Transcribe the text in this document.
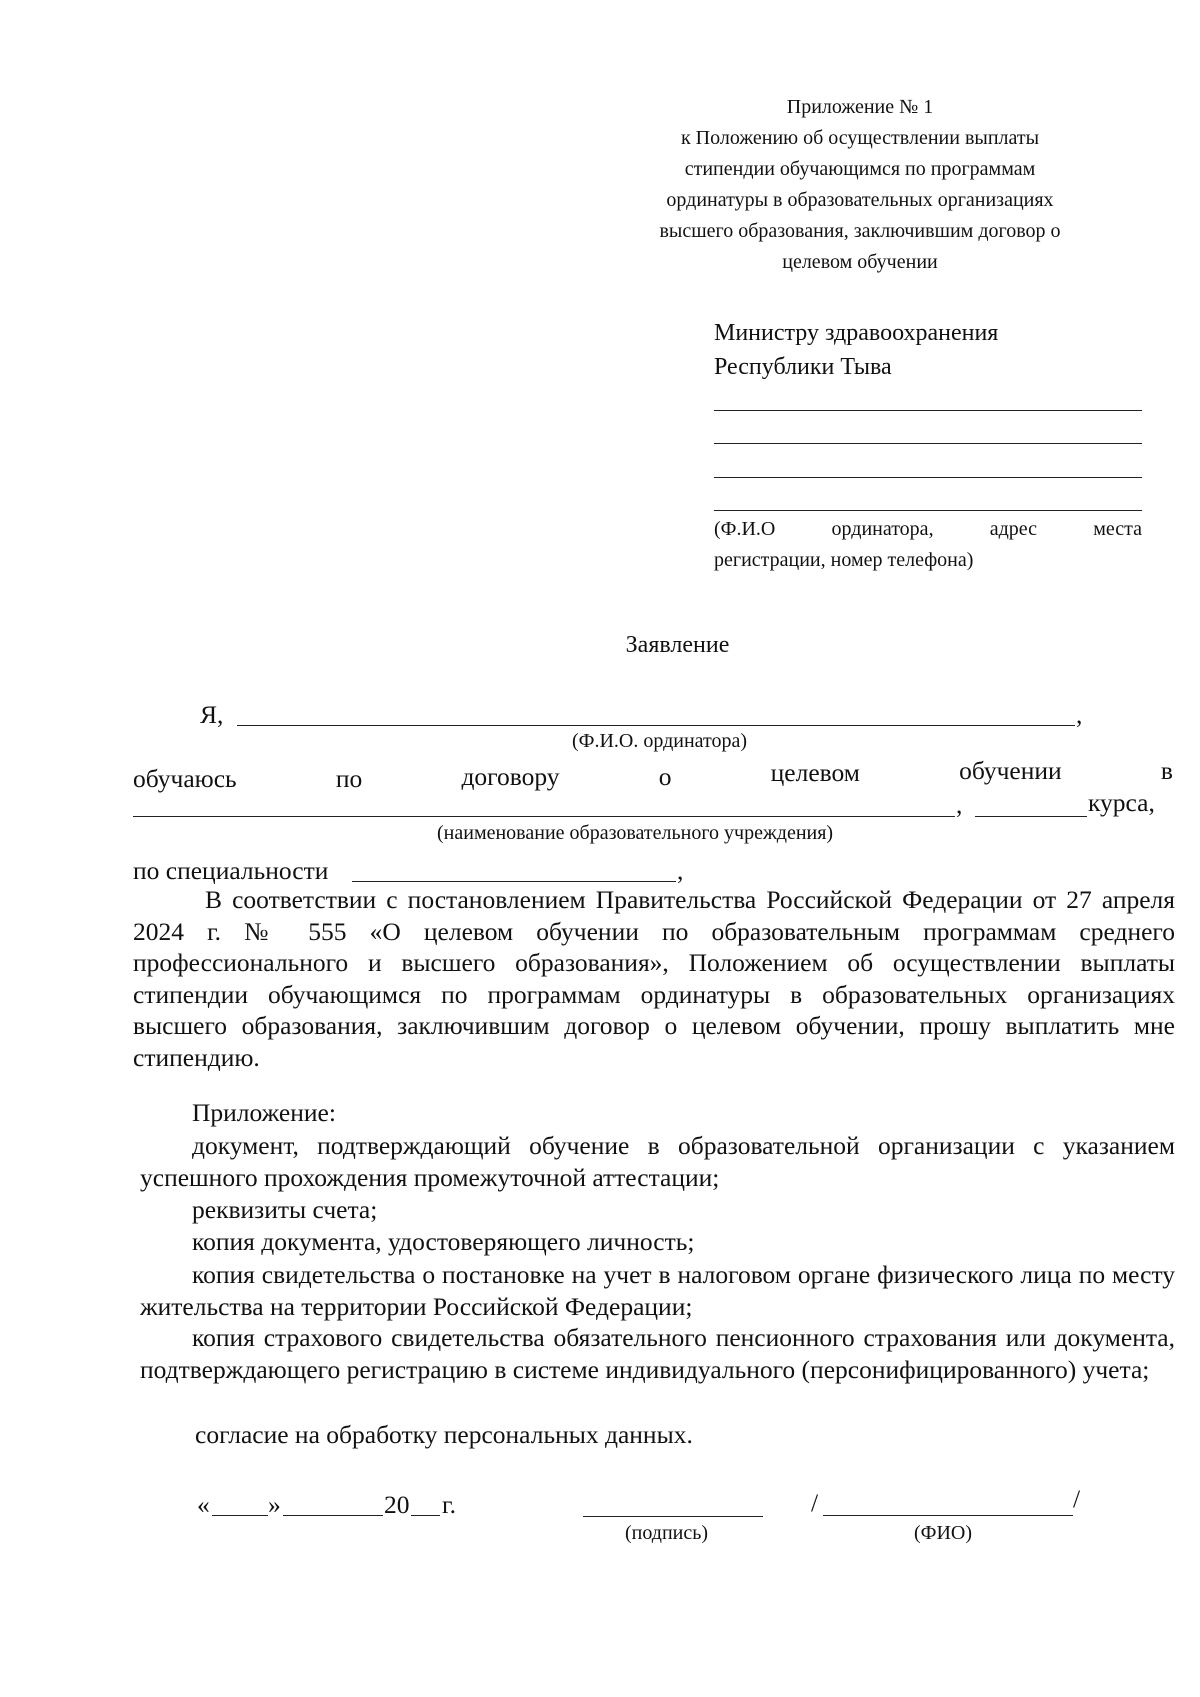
Приложение № 1
к Положению об осуществлении выплаты
стипендии обучающимся по программам
ординатуры в образовательных организациях
высшего образования, заключившим договор о
целевом обучении
Министру здравоохранения
Республики Тыва
(Ф.И.О	ординатора,	адрес	места
регистрации, номер телефона)
Заявление
Я,	,
(Ф.И.О. ординатора)
обучаюсь	по	договору	о	целевом	обучении	в
,	курса,
(наименование образовательного учреждения)
по специальности	,
В соответствии с постановлением Правительства Российской Федерации от 27 апреля 2024 г. № 555 «О целевом обучении по образовательным программам среднего профессионального и высшего образования», Положением об осуществлении выплаты стипендии обучающимся по программам ординатуры в образовательных организациях высшего образования, заключившим договор о целевом обучении, прошу выплатить мне стипендию.
Приложение:
документ, подтверждающий обучение в образовательной организации с указанием успешного прохождения промежуточной аттестации;
реквизиты счета;
копия документа, удостоверяющего личность;
копия свидетельства о постановке на учет в налоговом органе физического лица по месту жительства на территории Российской Федерации;
копия страхового свидетельства обязательного пенсионного страхования или документа, подтверждающего регистрацию в системе индивидуального (персонифицированного) учета;
согласие на обработку персональных данных.
« »	20 г.
(подпись)
/	/
(ФИО)
